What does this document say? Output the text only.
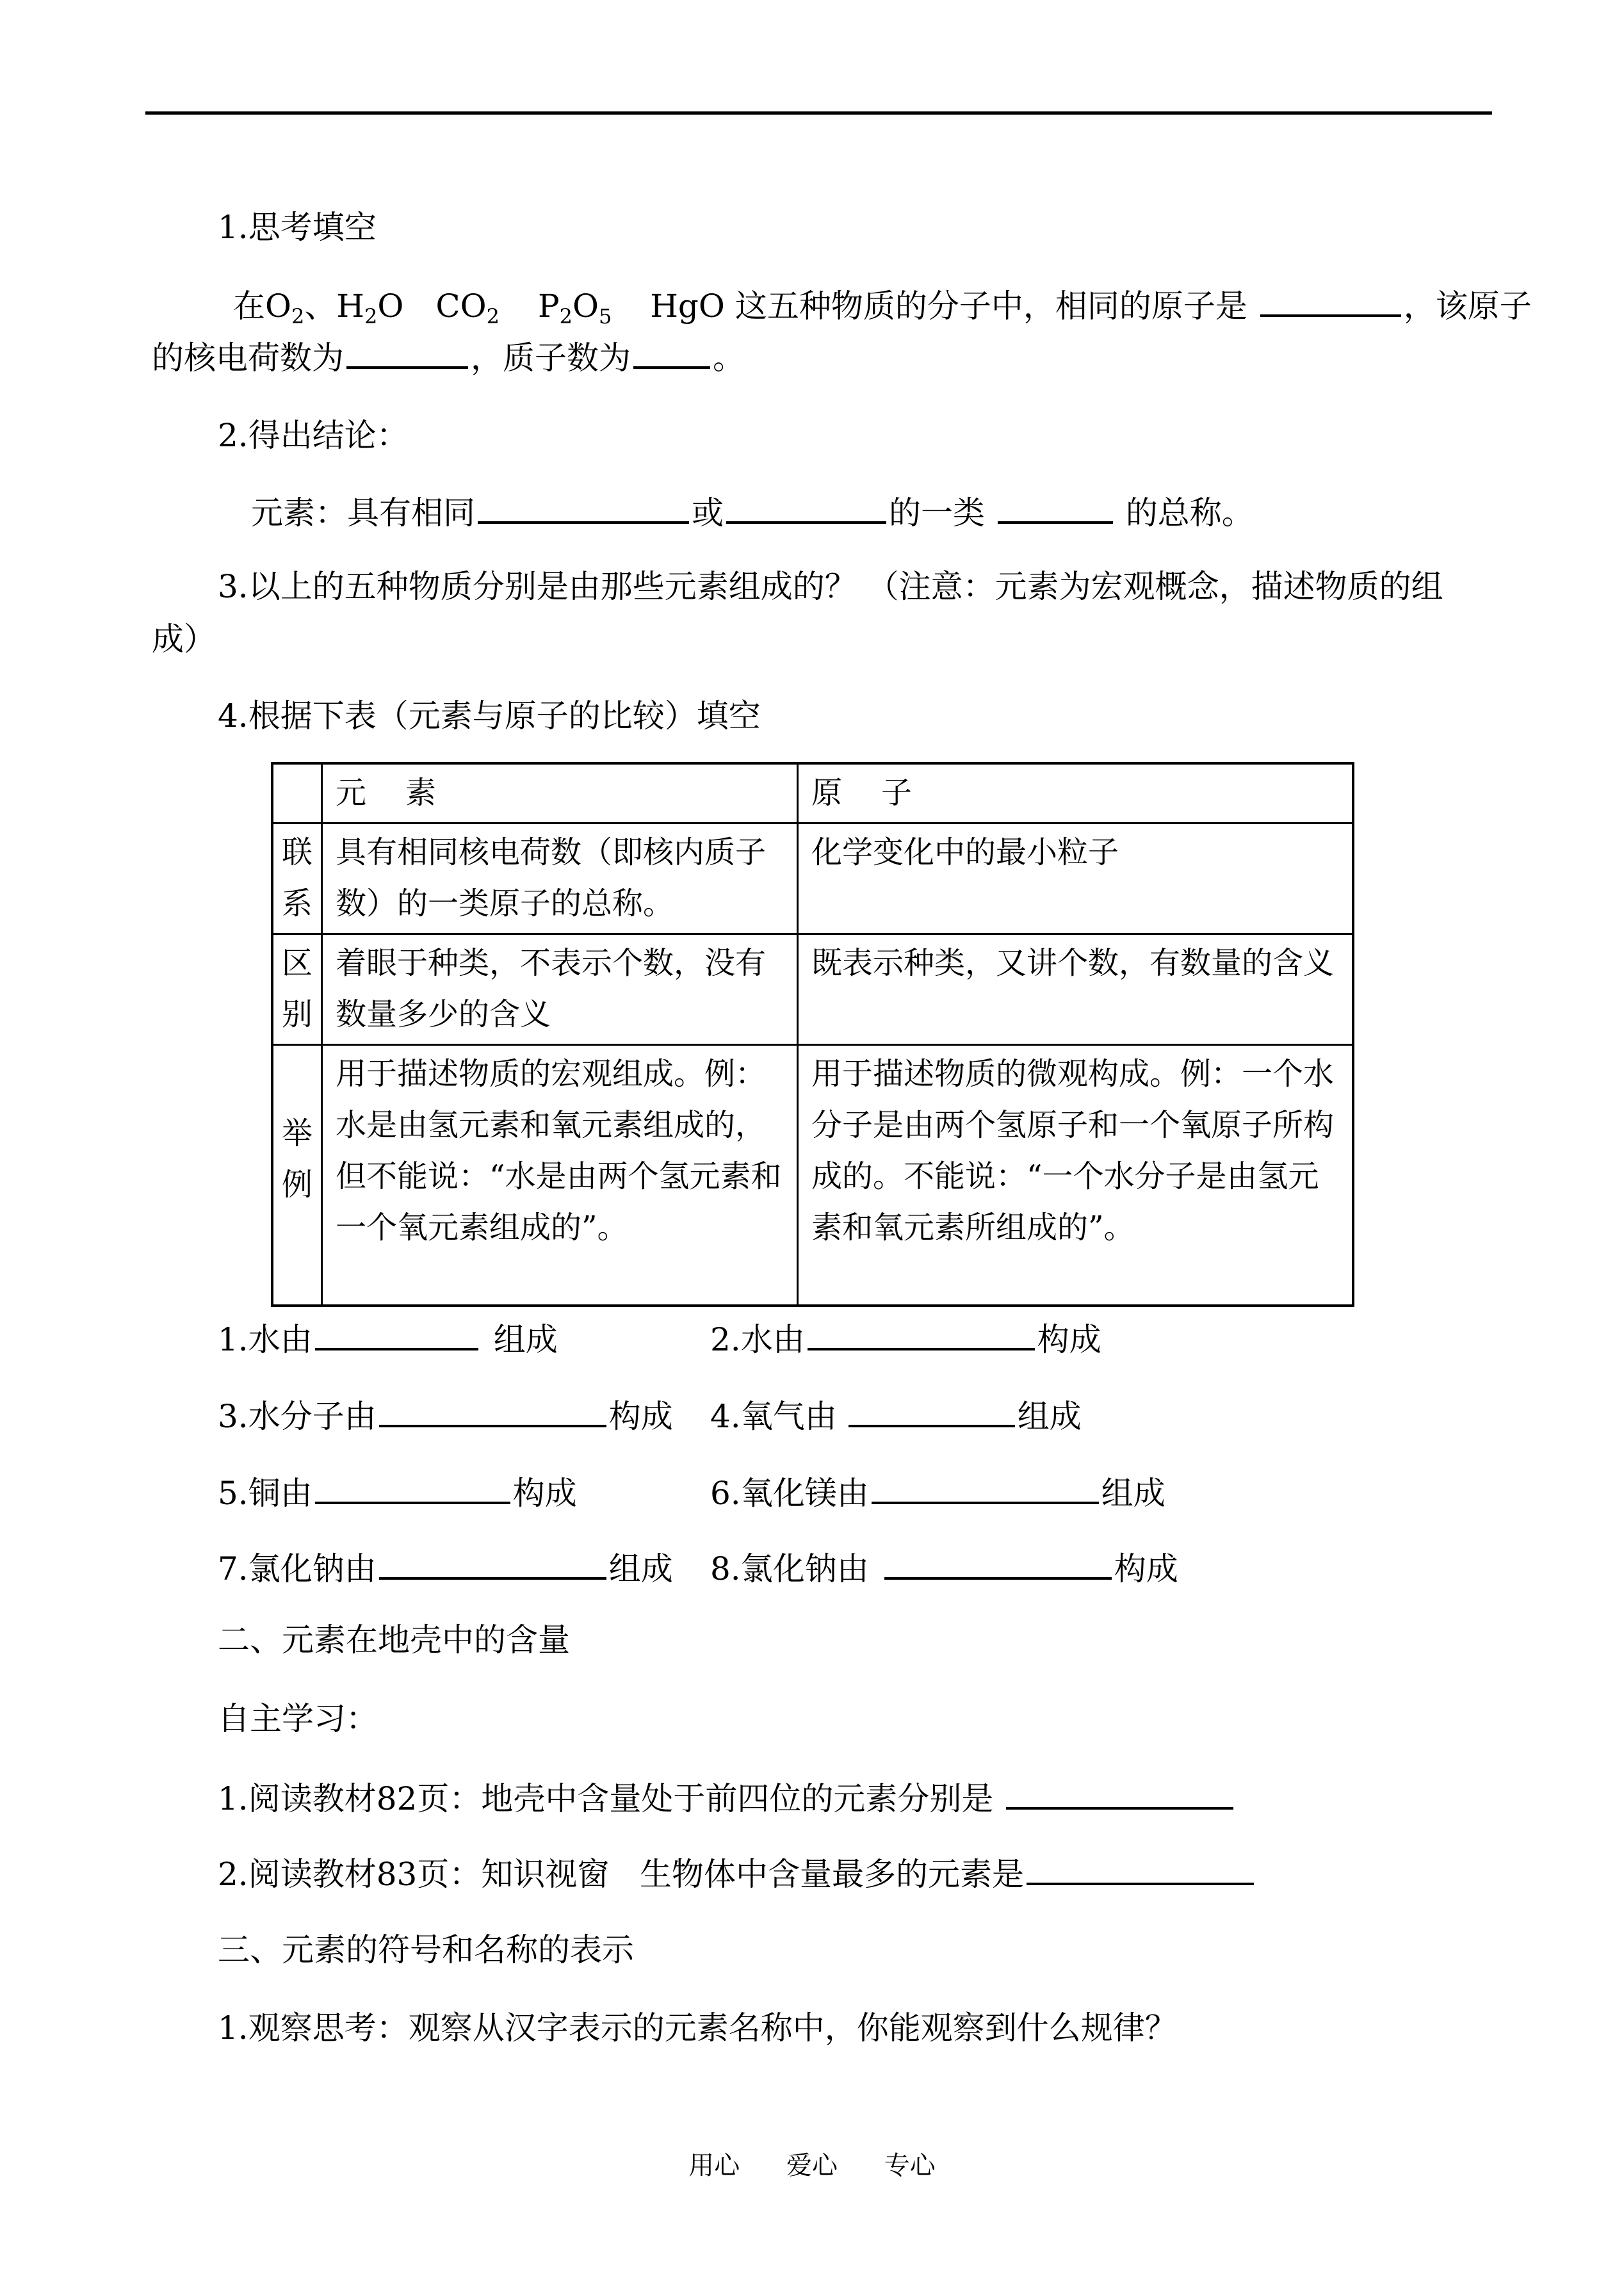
1.思考填空
在$O_2$、$H_2O$ $CO_2$ $P_2O_5$ HgO 这五种物质的分子中，相同的原子是	，该原子
的核电荷数为	，质子数为	。
2.得出结论：
元素：具有相同	或	的一类	的总称。
3.以上的五种物质分别是由那些元素组成的？ （注意：元素为宏观概念，描述物质的组
成）
4.根据下表（元素与原子的比较）填空
	元    素	原    子

联系	具有相同核电荷数（即核内质子数）的一类原子的总称。	化学变化中的最小粒子

区别	着眼于种类，不表示个数，没有数量多少的含义	既表示种类，又讲个数，有数量的含义

举例	用于描述物质的宏观组成。例：水是由氢元素和氧元素组成的，但不能说：“水是由两个氢元素和一个氧元素组成的”。	用于描述物质的微观构成。例：一个水分子是由两个氢原子和一个氧原子所构成的。不能说：“一个水分子是由氢元素和氧元素所组成的”。
1.水由	组成	2.水由	构成
3.水分子由	构成 4.氧气由	组成
5.铜由	构成	6.氧化镁由	组成
7.氯化钠由	组成 8.氯化钠由	构成
二、元素在地壳中的含量
自主学习：
1.阅读教材82页：地壳中含量处于前四位的元素分别是
2.阅读教材83页：知识视窗   生物体中含量最多的元素是
三、元素的符号和名称的表示
1.观察思考：观察从汉字表示的元素名称中，你能观察到什么规律？
用心 爱心 专心
